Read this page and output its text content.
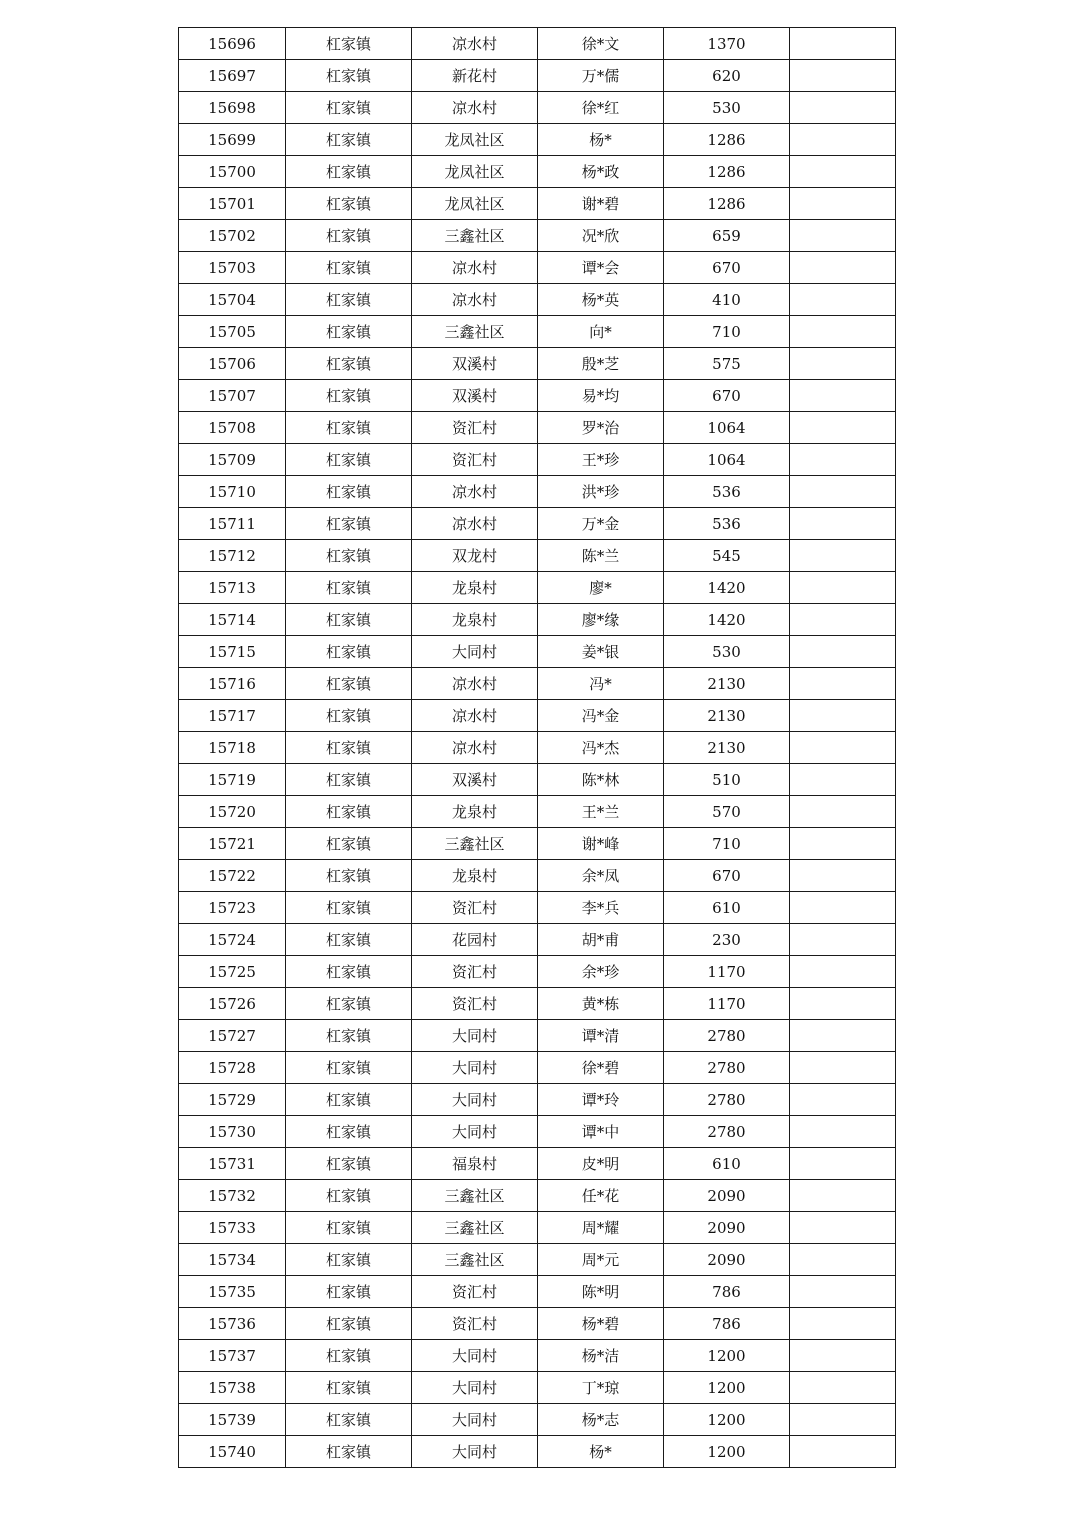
15696	杠家镇	凉水村	徐*文	1370	
15697	杠家镇	新花村	万*儒	620	
15698	杠家镇	凉水村	徐*红	530	
15699	杠家镇	龙凤社区	杨*	1286	
15700	杠家镇	龙凤社区	杨*政	1286	
15701	杠家镇	龙凤社区	谢*碧	1286	
15702	杠家镇	三鑫社区	况*欣	659	
15703	杠家镇	凉水村	谭*会	670	
15704	杠家镇	凉水村	杨*英	410	
15705	杠家镇	三鑫社区	向*	710	
15706	杠家镇	双溪村	殷*芝	575	
15707	杠家镇	双溪村	易*均	670	
15708	杠家镇	资汇村	罗*治	1064	
15709	杠家镇	资汇村	王*珍	1064	
15710	杠家镇	凉水村	洪*珍	536	
15711	杠家镇	凉水村	万*金	536	
15712	杠家镇	双龙村	陈*兰	545	
15713	杠家镇	龙泉村	廖*	1420	
15714	杠家镇	龙泉村	廖*缘	1420	
15715	杠家镇	大同村	姜*银	530	
15716	杠家镇	凉水村	冯*	2130	
15717	杠家镇	凉水村	冯*金	2130	
15718	杠家镇	凉水村	冯*杰	2130	
15719	杠家镇	双溪村	陈*林	510	
15720	杠家镇	龙泉村	王*兰	570	
15721	杠家镇	三鑫社区	谢*峰	710	
15722	杠家镇	龙泉村	余*凤	670	
15723	杠家镇	资汇村	李*兵	610	
15724	杠家镇	花园村	胡*甫	230	
15725	杠家镇	资汇村	余*珍	1170	
15726	杠家镇	资汇村	黄*栋	1170	
15727	杠家镇	大同村	谭*清	2780	
15728	杠家镇	大同村	徐*碧	2780	
15729	杠家镇	大同村	谭*玲	2780	
15730	杠家镇	大同村	谭*中	2780	
15731	杠家镇	福泉村	皮*明	610	
15732	杠家镇	三鑫社区	任*花	2090	
15733	杠家镇	三鑫社区	周*耀	2090	
15734	杠家镇	三鑫社区	周*元	2090	
15735	杠家镇	资汇村	陈*明	786	
15736	杠家镇	资汇村	杨*碧	786	
15737	杠家镇	大同村	杨*洁	1200	
15738	杠家镇	大同村	丁*琼	1200	
15739	杠家镇	大同村	杨*志	1200	
15740	杠家镇	大同村	杨*	1200	
